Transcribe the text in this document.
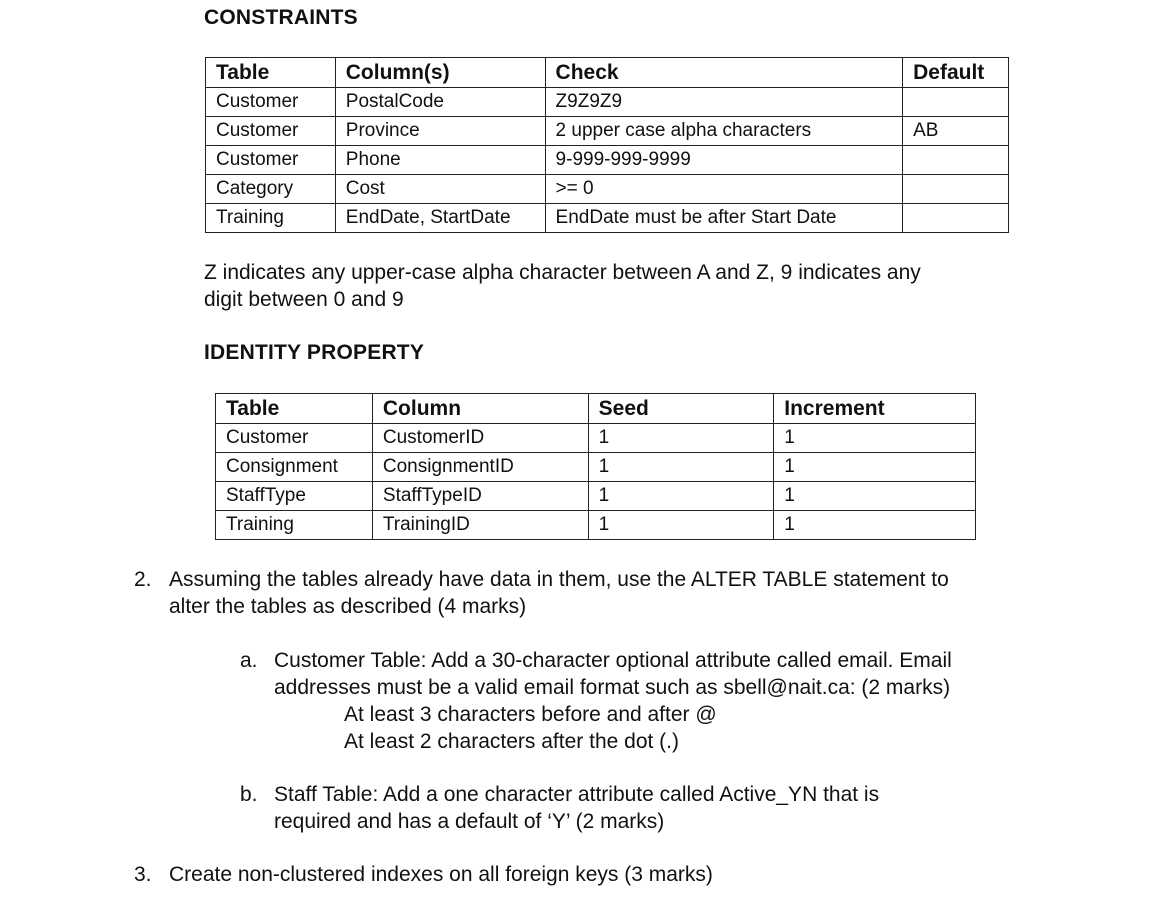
CONSTRAINTS
Table	Column(s)	Check	Default
Customer	PostalCode	Z9Z9Z9	
Customer	Province	2 upper case alpha characters	AB
Customer	Phone	9-999-999-9999	
Category	Cost	>= 0	
Training	EndDate, StartDate	EndDate must be after Start Date	
Z indicates any upper-case alpha character between A and Z, 9 indicates any
digit between 0 and 9
IDENTITY PROPERTY
Table	Column	Seed	Increment
Customer	CustomerID	1	1
Consignment	ConsignmentID	1	1
StaffType	StaffTypeID	1	1
Training	TrainingID	1	1
2. Assuming the tables already have data in them, use the ALTER TABLE statement to
alter the tables as described (4 marks)
a. Customer Table: Add a 30-character optional attribute called email. Email
addresses must be a valid email format such as sbell@nait.ca: (2 marks)
At least 3 characters before and after @
At least 2 characters after the dot (.)
b. Staff Table: Add a one character attribute called Active_YN that is
required and has a default of ‘Y’ (2 marks)
3. Create non-clustered indexes on all foreign keys (3 marks)
